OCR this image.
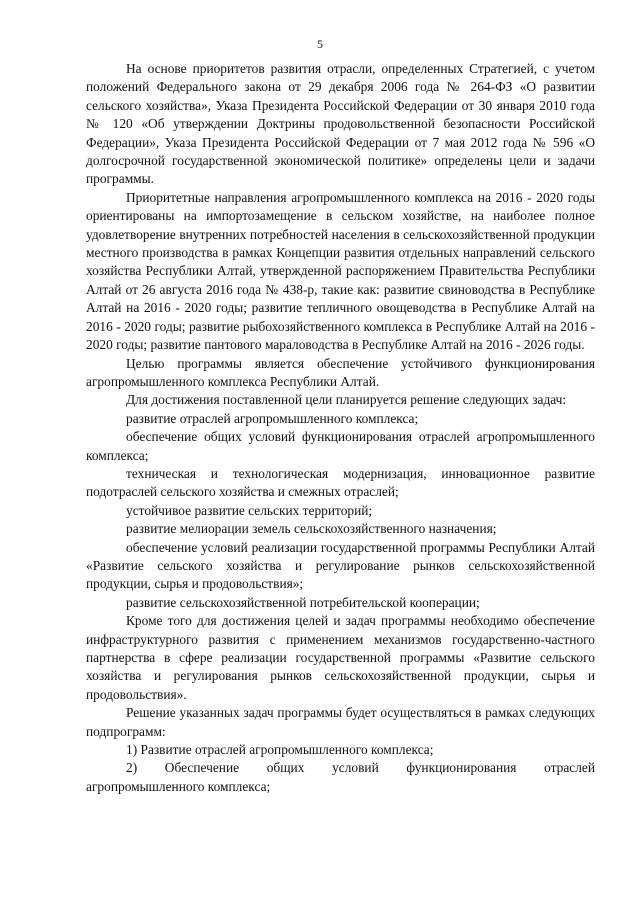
5

На основе приоритетов развития отрасли, определенных Стратегией, с учетом положений Федерального закона от 29 декабря 2006 года № 264-ФЗ «О развитии сельского хозяйства», Указа Президента Российской Федерации от 30 января 2010 года № 120 «Об утверждении Доктрины продовольственной безопасности Российской Федерации», Указа Президента Российской Федерации от 7 мая 2012 года № 596 «О долгосрочной государственной экономической политике» определены цели и задачи программы.

Приоритетные направления агропромышленного комплекса на 2016 - 2020 годы ориентированы на импортозамещение в сельском хозяйстве, на наиболее полное удовлетворение внутренних потребностей населения в сельскохозяйственной продукции местного производства в рамках Концепции развития отдельных направлений сельского хозяйства Республики Алтай, утвержденной распоряжением Правительства Республики Алтай от 26 августа 2016 года № 438-р, такие как: развитие свиноводства в Республике Алтай на 2016 - 2020 годы; развитие тепличного овощеводства в Республике Алтай на 2016 - 2020 годы; развитие рыбохозяйственного комплекса в Республике Алтай на 2016 - 2020 годы; развитие пантового мараловодства в Республике Алтай на 2016 - 2026 годы.

Целью программы является обеспечение устойчивого функционирования агропромышленного комплекса Республики Алтай.

Для достижения поставленной цели планируется решение следующих задач:

развитие отраслей агропромышленного комплекса;

обеспечение общих условий функционирования отраслей агропромышленного комплекса;

техническая и технологическая модернизация, инновационное развитие подотраслей сельского хозяйства и смежных отраслей;

устойчивое развитие сельских территорий;

развитие мелиорации земель сельскохозяйственного назначения;

обеспечение условий реализации государственной программы Республики Алтай «Развитие сельского хозяйства и регулирование рынков сельскохозяйственной продукции, сырья и продовольствия»;

развитие сельскохозяйственной потребительской кооперации;

Кроме того для достижения целей и задач программы необходимо обеспечение инфраструктурного развития с применением механизмов государственно-частного партнерства в сфере реализации государственной программы «Развитие сельского хозяйства и регулирования рынков сельскохозяйственной продукции, сырья и продовольствия».

Решение указанных задач программы будет осуществляться в рамках следующих подпрограмм:

1) Развитие отраслей агропромышленного комплекса;

2) Обеспечение общих условий функционирования отраслей агропромышленного комплекса;
